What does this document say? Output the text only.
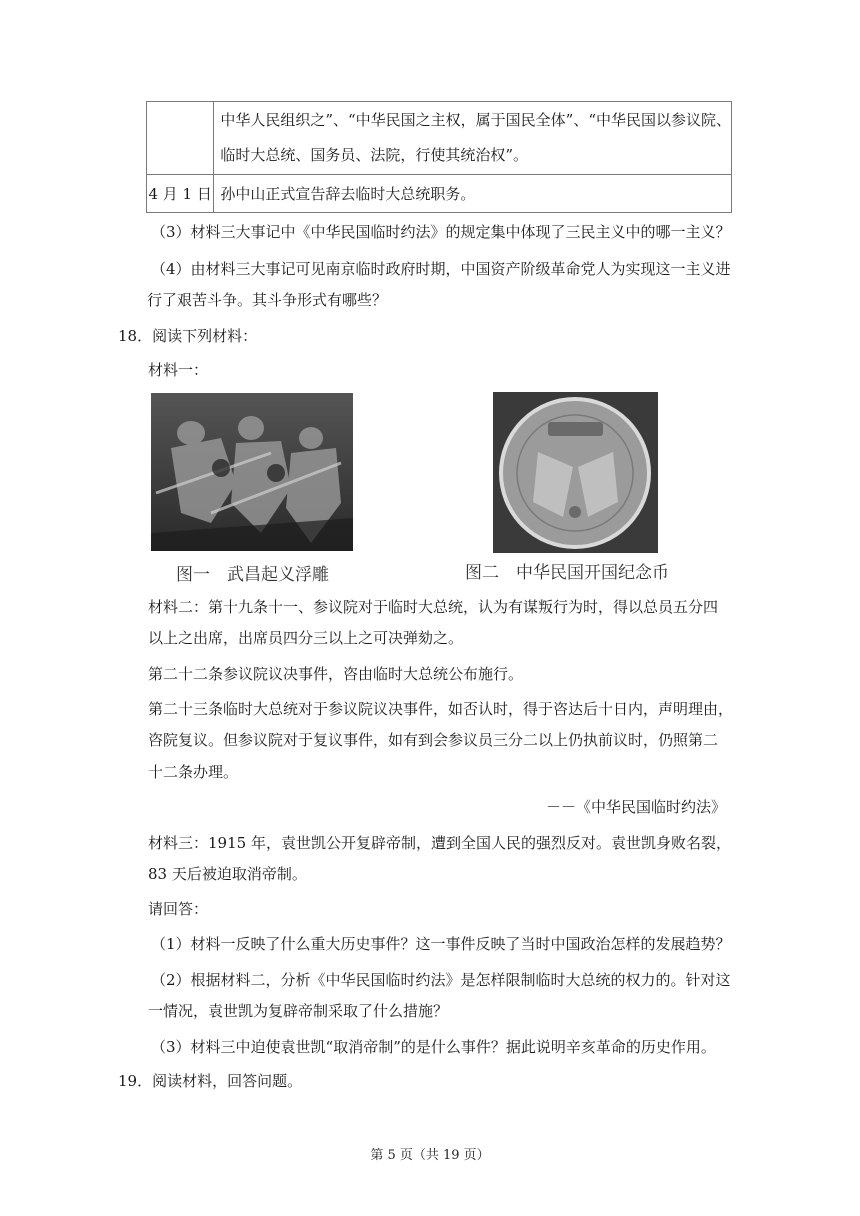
	中华人民组织之”、“中华民国之主权，属于国民全体”、“中华民国以参议院、
临时大总统、国务员、法院，行使其统治权”。

4 月 1 日	孙中山正式宣告辞去临时大总统职务。
（3）材料三大事记中《中华民国临时约法》的规定集中体现了三民主义中的哪一主义？
（4）由材料三大事记可见南京临时政府时期，中国资产阶级革命党人为实现这一主义进
行了艰苦斗争。其斗争形式有哪些？
18．阅读下列材料：
材料一：
图一　武昌起义浮雕	图二　中华民国开国纪念币
材料二：第十九条十一、参议院对于临时大总统，认为有谋叛行为时，得以总员五分四
以上之出席，出席员四分三以上之可决弹劾之。
第二十二条参议院议决事件，咨由临时大总统公布施行。
第二十三条临时大总统对于参议院议决事件，如否认时，得于咨达后十日内，声明理由，
咨院复议。但参议院对于复议事件，如有到会参议员三分二以上仍执前议时，仍照第二
十二条办理。
－－《中华民国临时约法》
材料三：1915 年，袁世凯公开复辟帝制，遭到全国人民的强烈反对。袁世凯身败名裂，
83 天后被迫取消帝制。
请回答：
（1）材料一反映了什么重大历史事件？这一事件反映了当时中国政治怎样的发展趋势？
（2）根据材料二，分析《中华民国临时约法》是怎样限制临时大总统的权力的。针对这
一情况，袁世凯为复辟帝制采取了什么措施？
（3）材料三中迫使袁世凯“取消帝制”的是什么事件？据此说明辛亥革命的历史作用。
19．阅读材料，回答问题。
第 5 页（共 19 页）
